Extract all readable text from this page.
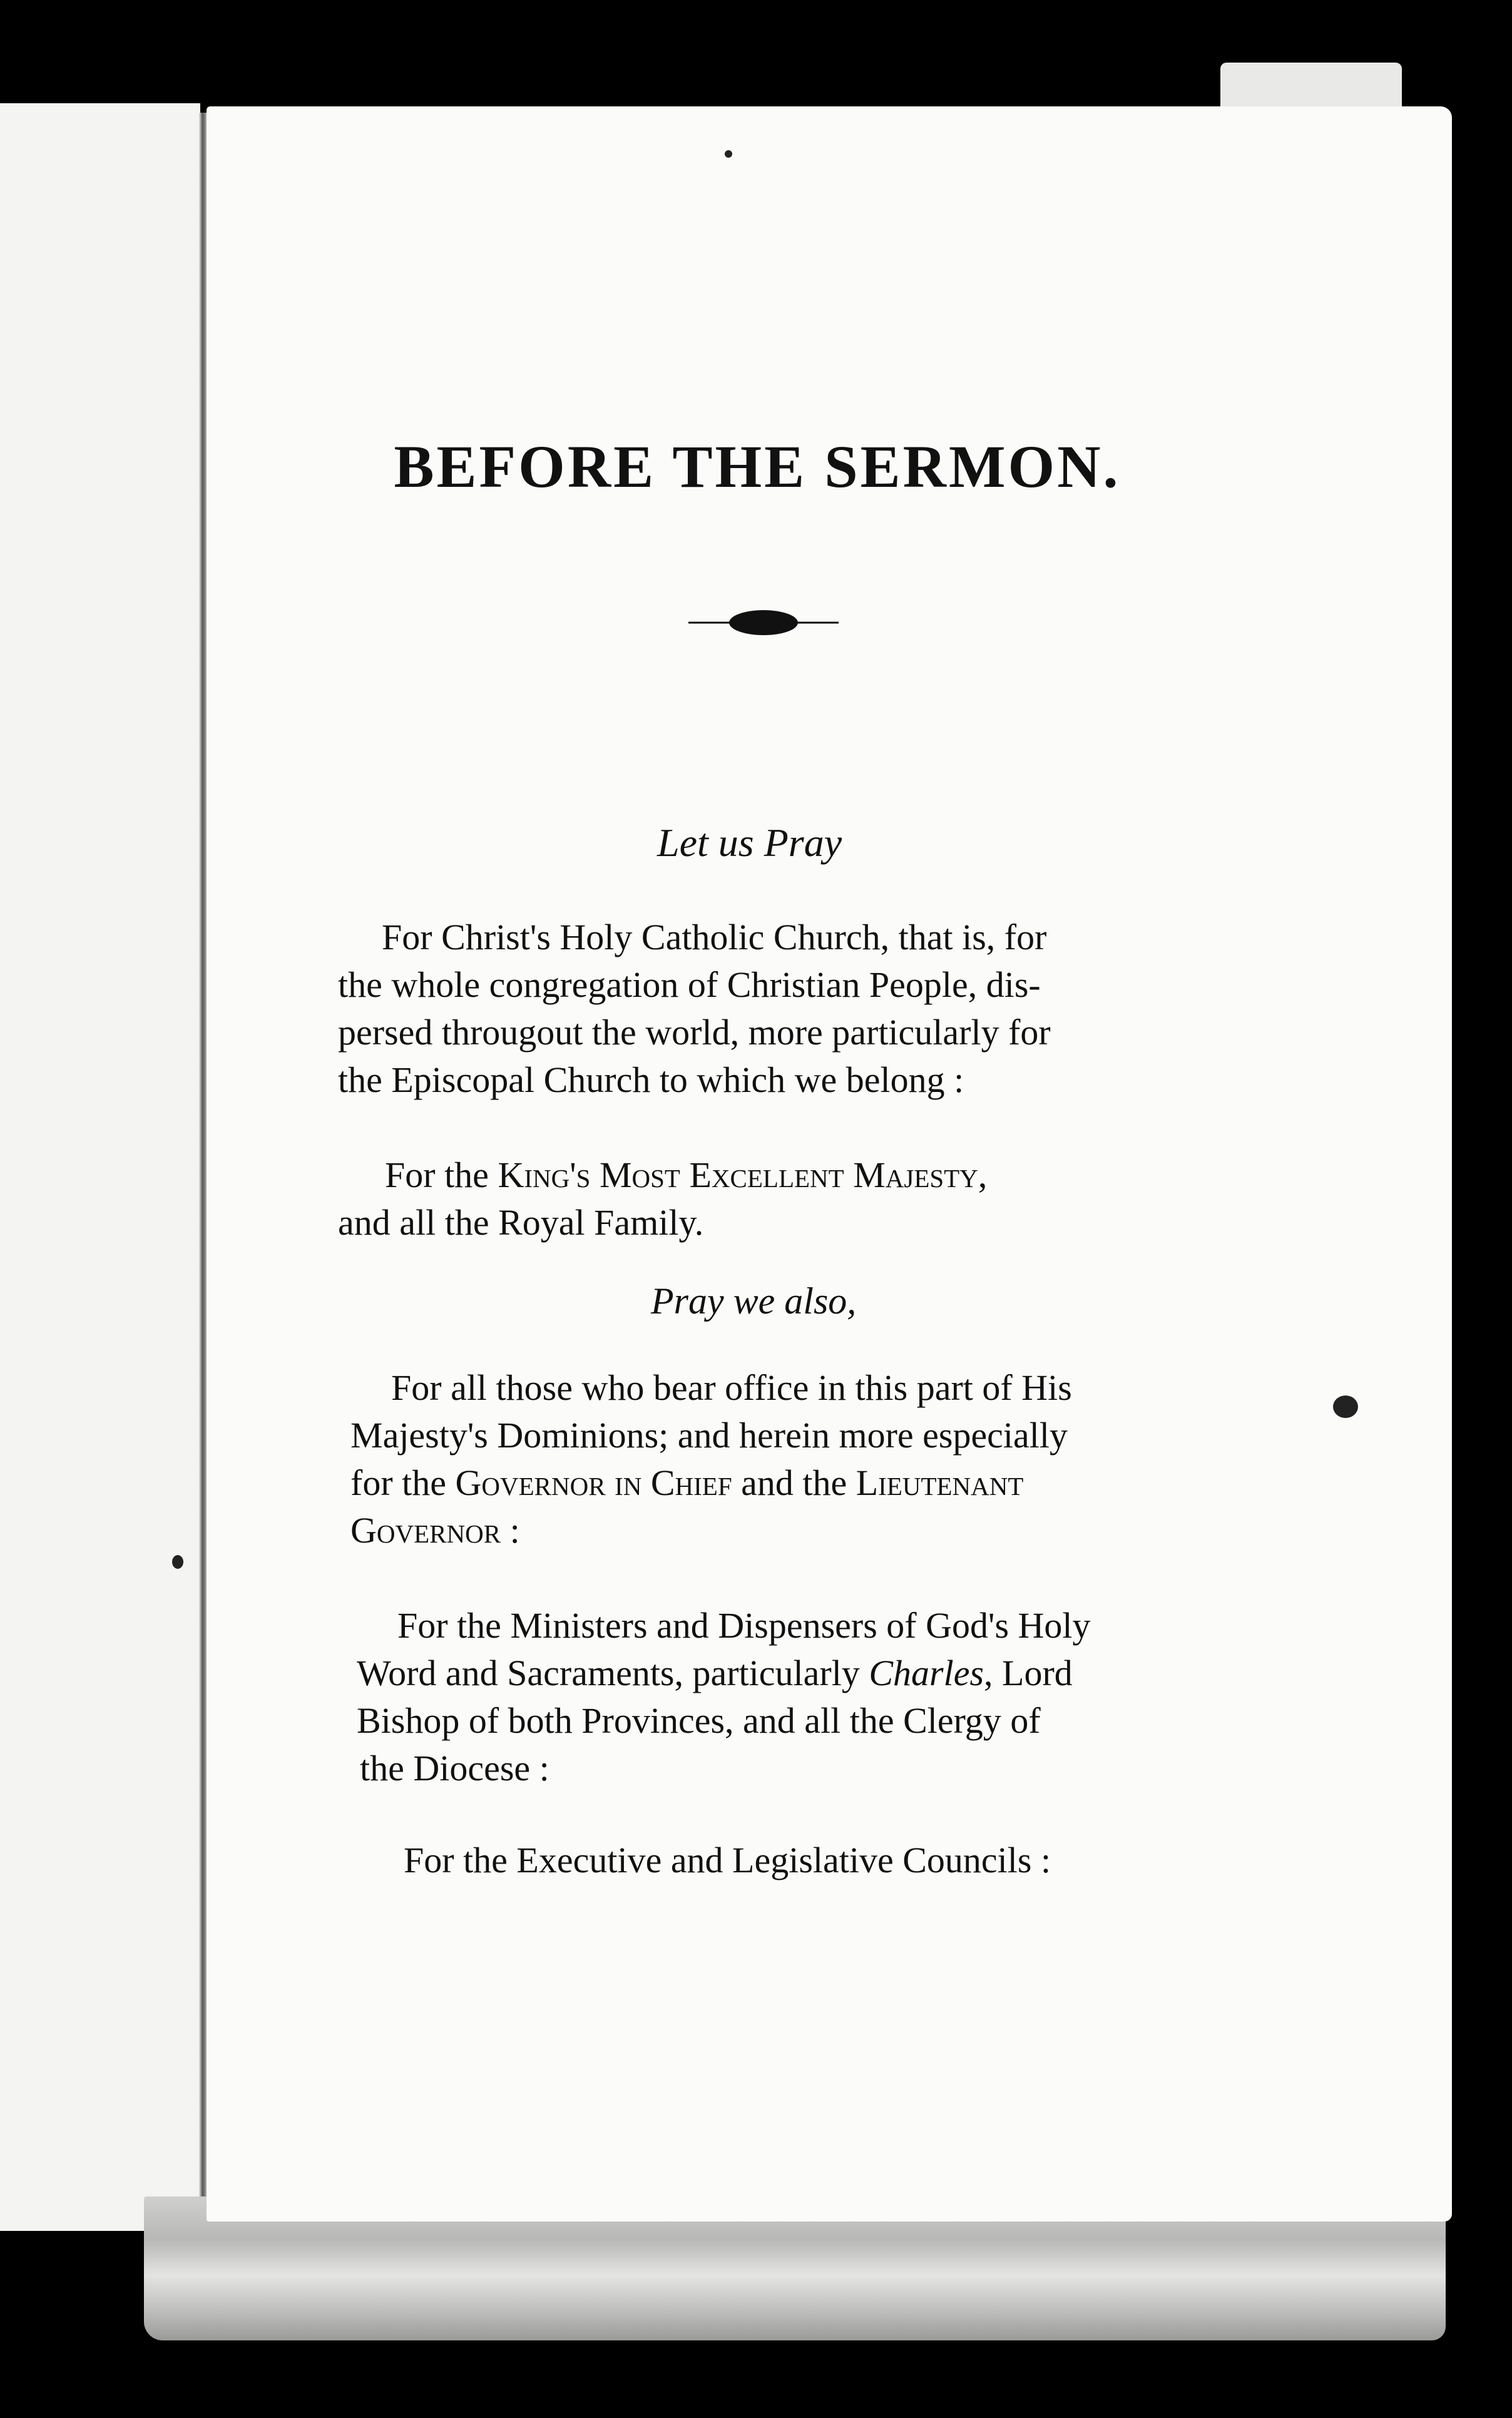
BEFORE THE SERMON.
Let us Pray
For Christ's Holy Catholic Church, that is, for
the whole congregation of Christian People, dis-
persed througout the world, more particularly for
the Episcopal Church to which we belong :
For the King's Most Excellent Majesty,
and all the Royal Family.
Pray we also,
For all those who bear office in this part of His
Majesty's Dominions; and herein more especially
for the Governor in Chief and the Lieutenant
Governor :
For the Ministers and Dispensers of God's Holy
Word and Sacraments, particularly Charles, Lord
Bishop of both Provinces, and all the Clergy of
the Diocese :
For the Executive and Legislative Councils :
